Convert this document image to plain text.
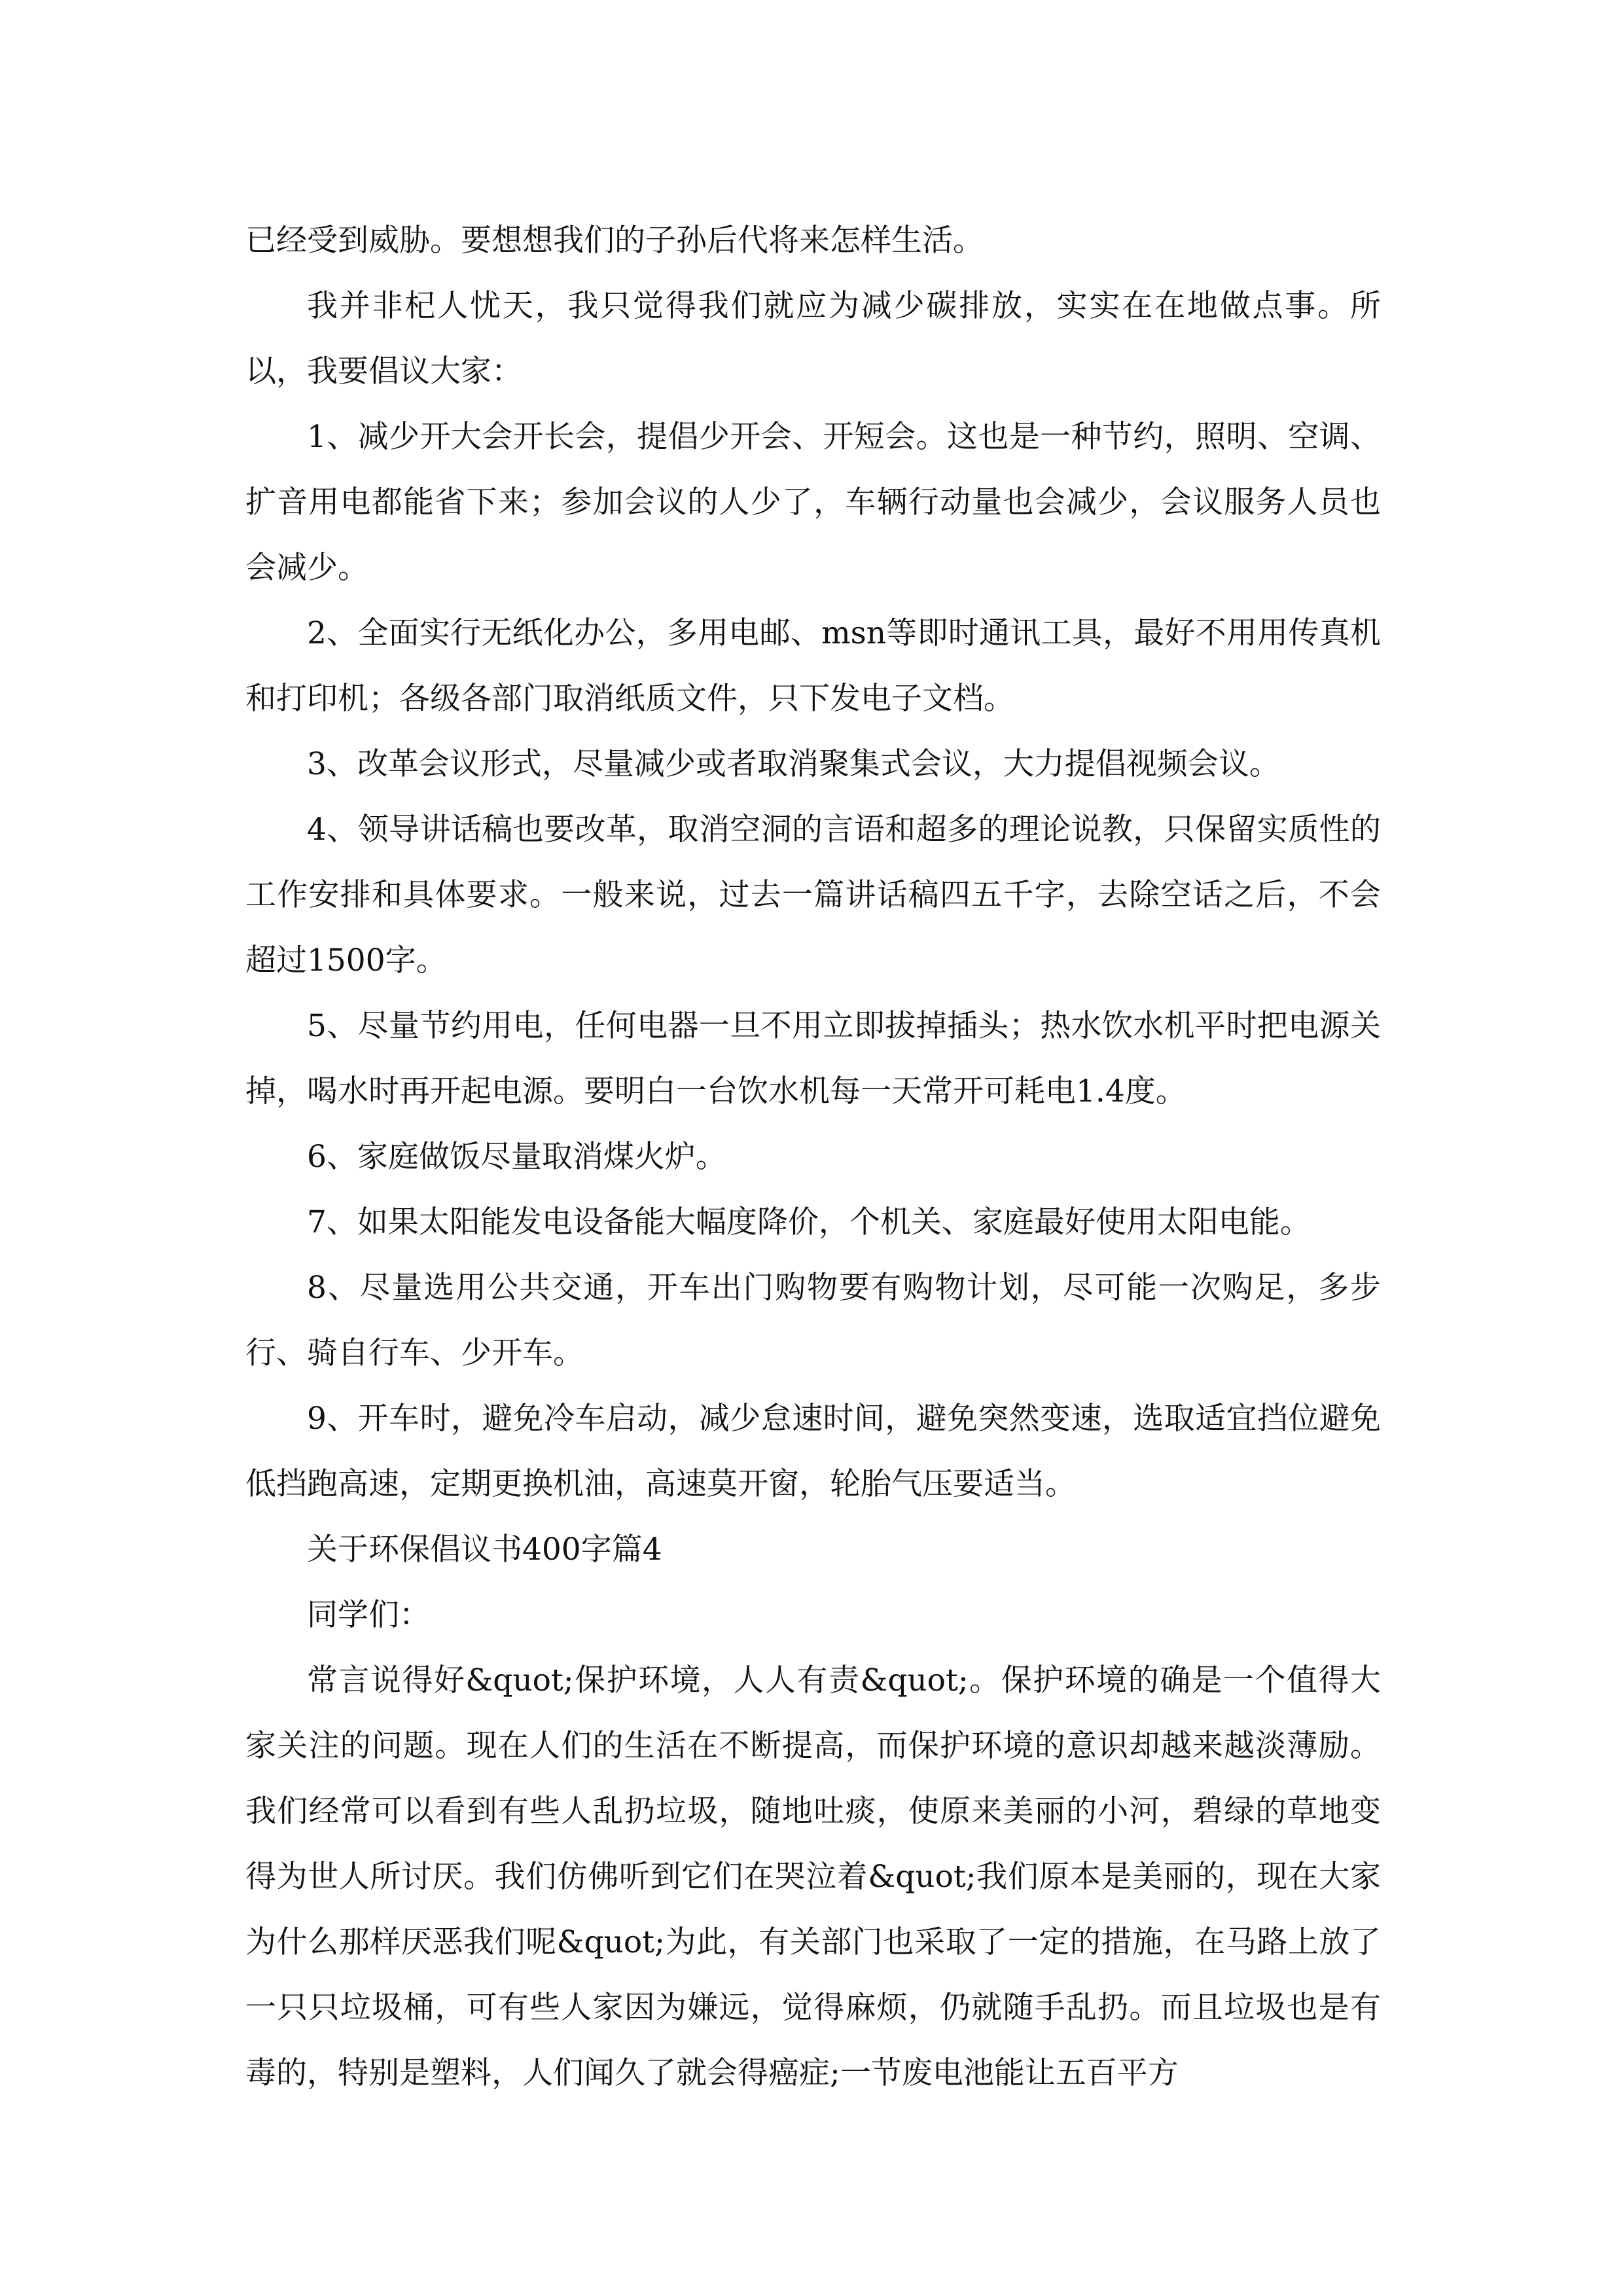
已经受到威胁。要想想我们的子孙后代将来怎样生活。

我并非杞人忧天，我只觉得我们就应为减少碳排放，实实在在地做点事。所以，我要倡议大家：

1、减少开大会开长会，提倡少开会、开短会。这也是一种节约，照明、空调、扩音用电都能省下来；参加会议的人少了，车辆行动量也会减少，会议服务人员也会减少。

2、全面实行无纸化办公，多用电邮、msn等即时通讯工具，最好不用用传真机和打印机；各级各部门取消纸质文件，只下发电子文档。

3、改革会议形式，尽量减少或者取消聚集式会议，大力提倡视频会议。

4、领导讲话稿也要改革，取消空洞的言语和超多的理论说教，只保留实质性的工作安排和具体要求。一般来说，过去一篇讲话稿四五千字，去除空话之后，不会超过1500字。

5、尽量节约用电，任何电器一旦不用立即拔掉插头；热水饮水机平时把电源关掉，喝水时再开起电源。要明白一台饮水机每一天常开可耗电1.4度。

6、家庭做饭尽量取消煤火炉。

7、如果太阳能发电设备能大幅度降价，个机关、家庭最好使用太阳电能。

8、尽量选用公共交通，开车出门购物要有购物计划，尽可能一次购足，多步行、骑自行车、少开车。

9、开车时，避免冷车启动，减少怠速时间，避免突然变速，选取适宜挡位避免低挡跑高速，定期更换机油，高速莫开窗，轮胎气压要适当。

关于环保倡议书400字篇4

同学们：

常言说得好&quot;保护环境，人人有责&quot;。保护环境的确是一个值得大家关注的问题。现在人们的生活在不断提高，而保护环境的意识却越来越淡薄励。我们经常可以看到有些人乱扔垃圾，随地吐痰，使原来美丽的小河，碧绿的草地变得为世人所讨厌。我们仿佛听到它们在哭泣着&quot;我们原本是美丽的，现在大家为什么那样厌恶我们呢&quot;为此，有关部门也采取了一定的措施，在马路上放了一只只垃圾桶，可有些人家因为嫌远，觉得麻烦，仍就随手乱扔。而且垃圾也是有毒的，特别是塑料，人们闻久了就会得癌症;一节废电池能让五百平方
